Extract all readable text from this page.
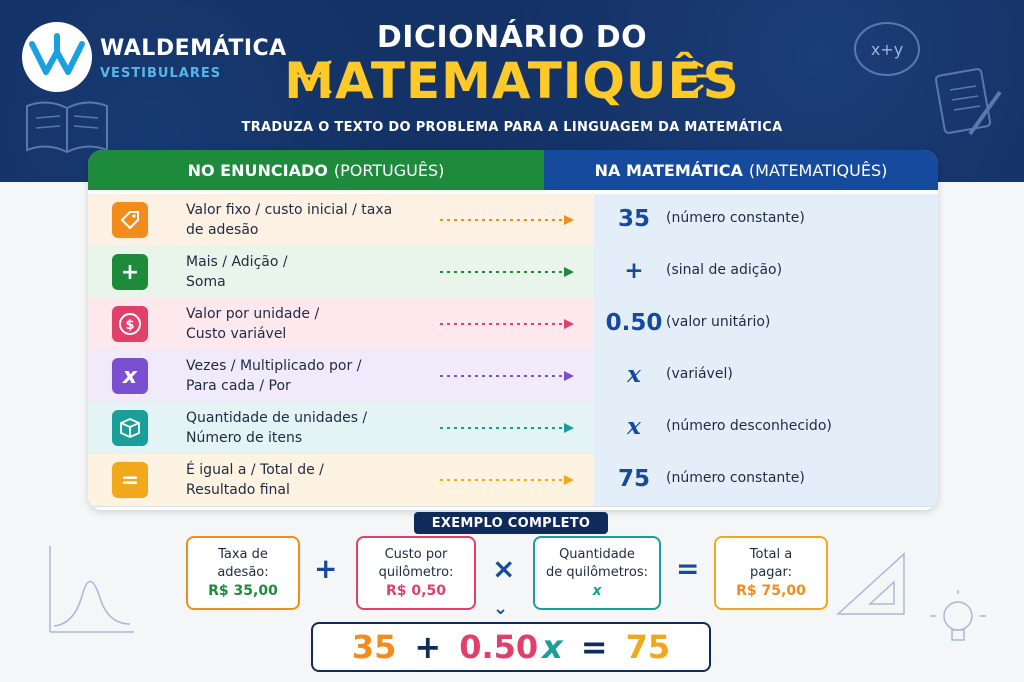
WALDEMÁTICA
VESTIBULARES
x+y
DICIONÁRIO DO
MATEMATIQUÊS
TRADUZA O TEXTO DO PROBLEMA PARA A LINGUAGEM DA MATEMÁTICA
NO ENUNCIADO (PORTUGUÊS)	NA MATEMÁTICA (MATEMATIQUÊS)
Valor fixo / custo inicial / taxa
de adesão	35	(número constante)
+	Mais / Adição /
Soma	+	(sinal de adição)
$
Valor por unidade /
Custo variável	0.50 (valor unitário)
x	Vezes / Multiplicado por /
Para cada / Por	x	(variável)
Quantidade de unidades /
Número de itens	x	(número desconhecido)
=	É igual a / Total de /
Resultado final	75	(número constante)
EXEMPLO COMPLETO
Taxa de
adesão:
R$ 35,00
Custo por
quilômetro:
R$ 0,50
Quantidade
de quilômetros:
x
Total a
pagar:
R$ 75,00
+	×	=
⌄
35 + 0.50 x = 75
